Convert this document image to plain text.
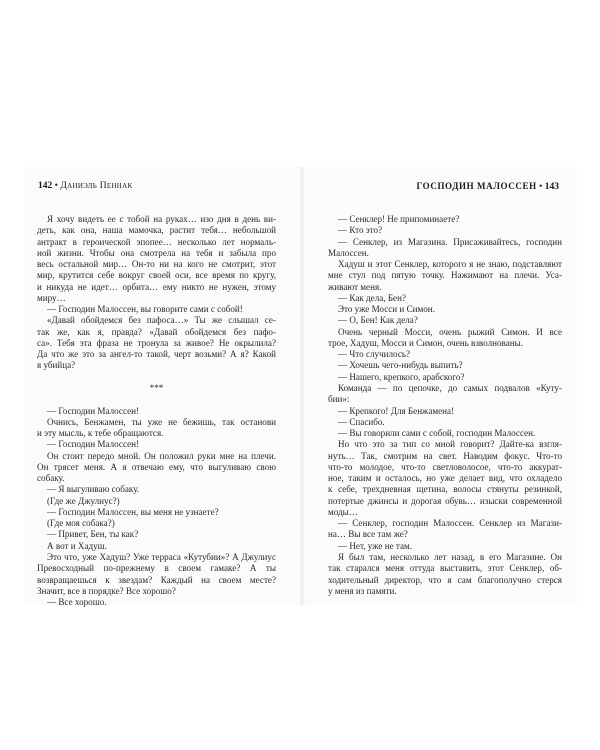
142 • Даниэль Пеннак	ГОСПОДИН МАЛОССЕН • 143
Я хочу видеть ее с тобой на руках… изо дня в день ви-
деть, как она, наша мамочка, растит тебя… небольшой
антракт в героической эпопее… несколько лет нормаль-
ной жизни. Чтобы она смотрела на тебя и забыла про
весь остальной мир… Он-то ни на кого не смотрит, этот
мир, крутится себе вокруг своей оси, все время по кругу,
и никуда не идет… орбита… ему никто не нужен, этому
миру…
— Господин Малоссен, вы говорите сами с собой!
«Давай обойдемся без пафоса…» Ты же слышал се-
так же, как я, правда? «Давай обойдемся без пафо-
са». Тебя эта фраза не тронула за живое? Не окрылила?
Да что же это за ангел-то такой, черт возьми? А я? Какой
я убийца?
***
— Господин Малоссен!
Очнись, Бенжамен, ты уже не бежишь, так останови
и эту мысль, к тебе обращаются.
— Господин Малоссен!
Он стоит передо мной. Он положил руки мне на плечи.
Он трясет меня. А я отвечаю ему, что выгуливаю свою
собаку.
— Я выгуливаю собаку.
(Где же Джулиус?)
— Господин Малоссен, вы меня не узнаете?
(Где моя собака?)
— Привет, Бен, ты как?
А вот и Хадуш.
Это что, уже Хадуш? Уже терраса «Кутубии»? А Джулиус
Превосходный по-прежнему в своем гамаке? А ты
возвращаешься к звездам? Каждый на своем месте?
Значит, все в порядке? Все хорошо?
— Все хорошо.
— Сенклер! Не припоминаете?
— Кто это?
— Сенклер, из Магазина. Присаживайтесь, господин
Малоссен.
Хадуш и этот Сенклер, которого я не знаю, подставляют
мне стул под пятую точку. Нажимают на плечи. Уса-
живают меня.
— Как дела, Бен?
Это уже Мосси и Симон.
— О, Бен! Как дела?
Очень черный Мосси, очень рыжий Симон. И все
трое, Хадуш, Мосси и Симон, очень взволнованы.
— Что случилось?
— Хочешь чего-нибудь выпить?
— Нашего, крепкого, арабского?
Команда — по цепочке, до самых подвалов «Куту-
бии»:
— Крепкого! Для Бенжамена!
— Спасибо.
— Вы говорили сами с собой, господин Малоссен.
Но что это за тип со мной говорит? Дайте-ка взгля-
нуть… Так, смотрим на свет. Наводим фокус. Что-то
что-то молодое, что-то светловолосое, что-то аккурат-
ное, таким и осталось, но уже делает вид, что охладело
к себе, трехдневная щетина, волосы стянуты резинкой,
потертые джинсы и дорогая обувь… изыски современной
моды…
— Сенклер, господин Малоссен. Сенклер из Магази-
на… Вы все там же?
— Нет, уже не там.
Я был там, несколько лет назад, в его Магазине. Он
так старался меня оттуда выставить, этот Сенклер, об-
ходительный директор, что я сам благополучно стерся
у меня из памяти.
